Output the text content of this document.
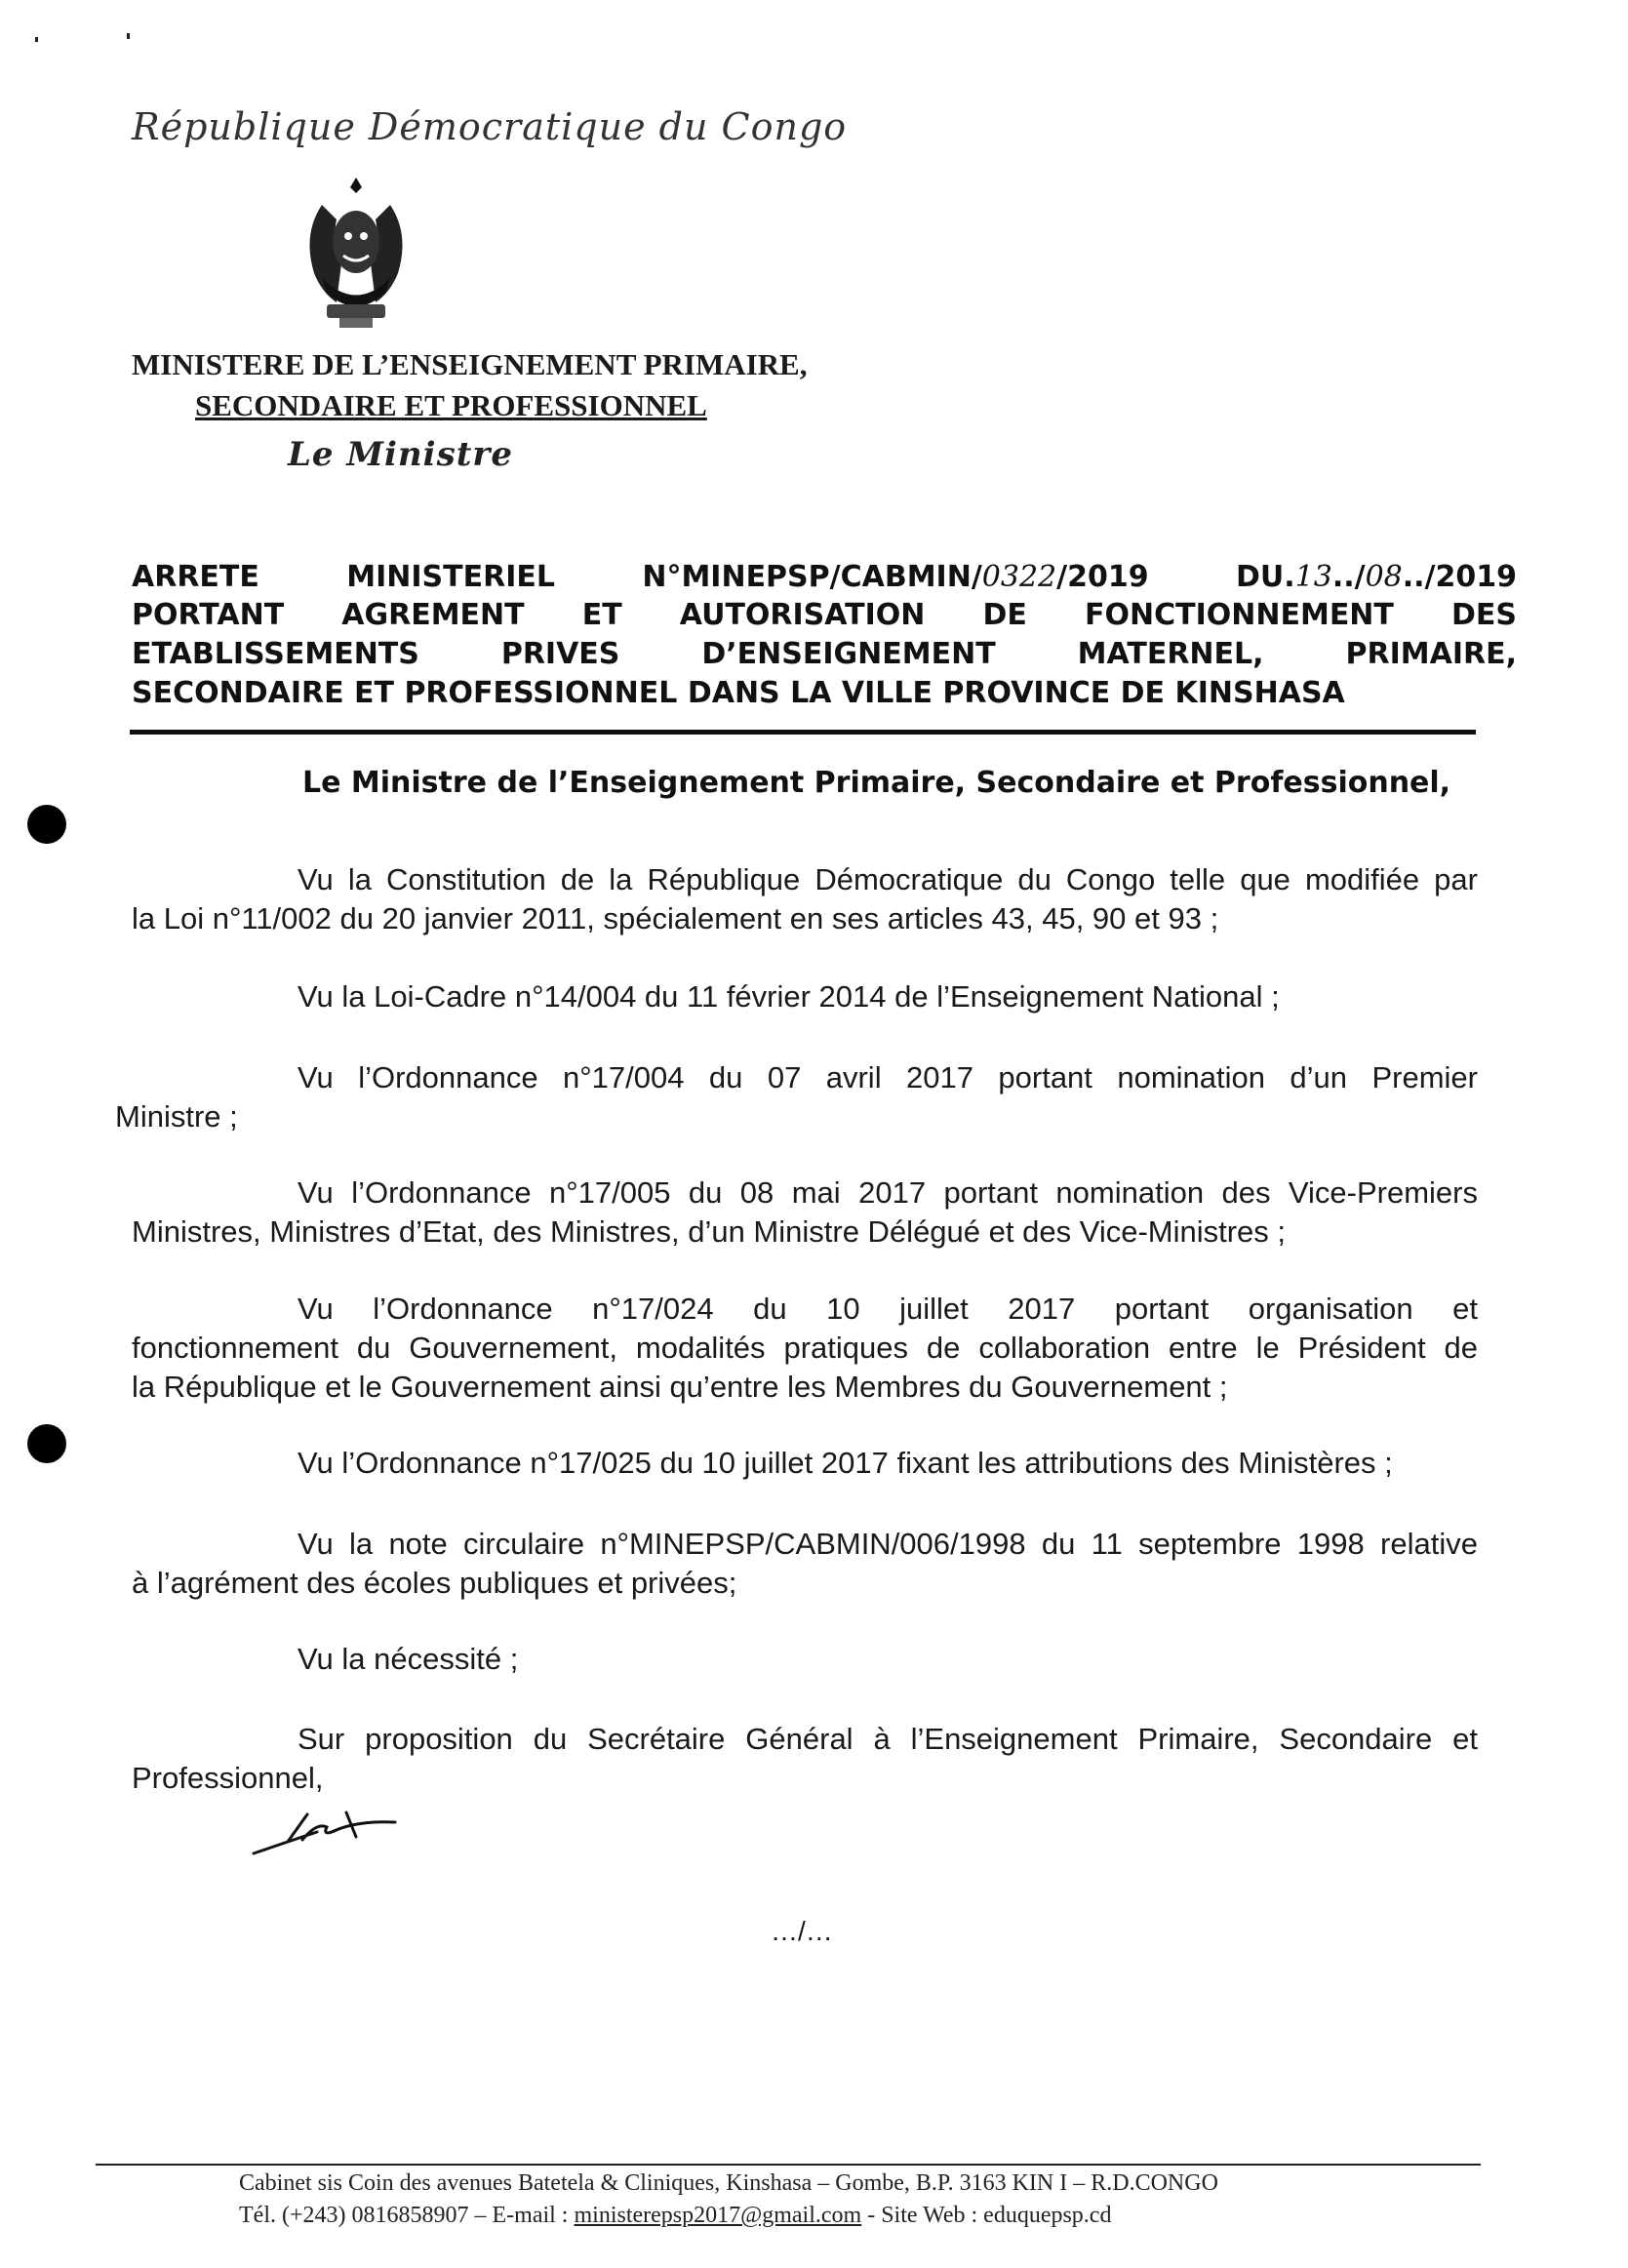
République Démocratique du Congo
MINISTERE DE L’ENSEIGNEMENT PRIMAIRE,
SECONDAIRE ET PROFESSIONNEL
Le Ministre
ARRETE MINISTERIEL N°MINEPSP/CABMIN/0322/2019 DU.13../08../2019
PORTANT AGREMENT ET AUTORISATION DE FONCTIONNEMENT DES
ETABLISSEMENTS PRIVES D’ENSEIGNEMENT MATERNEL, PRIMAIRE,
SECONDAIRE ET PROFESSIONNEL DANS LA VILLE PROVINCE DE KINSHASA
Le Ministre de l’Enseignement Primaire, Secondaire et Professionnel,
Vu la Constitution de la République Démocratique du Congo telle que modifiée par
la Loi n°11/002 du 20 janvier 2011, spécialement en ses articles 43, 45, 90 et 93 ;
Vu la Loi-Cadre n°14/004 du 11 février 2014 de l’Enseignement National ;
Vu l’Ordonnance n°17/004 du 07 avril 2017 portant nomination d’un Premier
Ministre ;
Vu l’Ordonnance n°17/005 du 08 mai 2017 portant nomination des Vice-Premiers
Ministres, Ministres d’Etat, des Ministres, d’un Ministre Délégué et des Vice-Ministres ;
Vu l’Ordonnance n°17/024 du 10 juillet 2017 portant organisation et
fonctionnement du Gouvernement, modalités pratiques de collaboration entre le Président de
la République et le Gouvernement ainsi qu’entre les Membres du Gouvernement ;
Vu l’Ordonnance n°17/025 du 10 juillet 2017 fixant les attributions des Ministères ;
Vu la note circulaire n°MINEPSP/CABMIN/006/1998 du 11 septembre 1998 relative
à l’agrément des écoles publiques et privées;
Vu la nécessité ;
Sur proposition du Secrétaire Général à l’Enseignement Primaire, Secondaire et
Professionnel,
…/…
Cabinet sis Coin des avenues Batetela & Cliniques, Kinshasa – Gombe, B.P. 3163 KIN I – R.D.CONGO
Tél. (+243) 0816858907 – E-mail : ministerepsp2017@gmail.com - Site Web : eduquepsp.cd
